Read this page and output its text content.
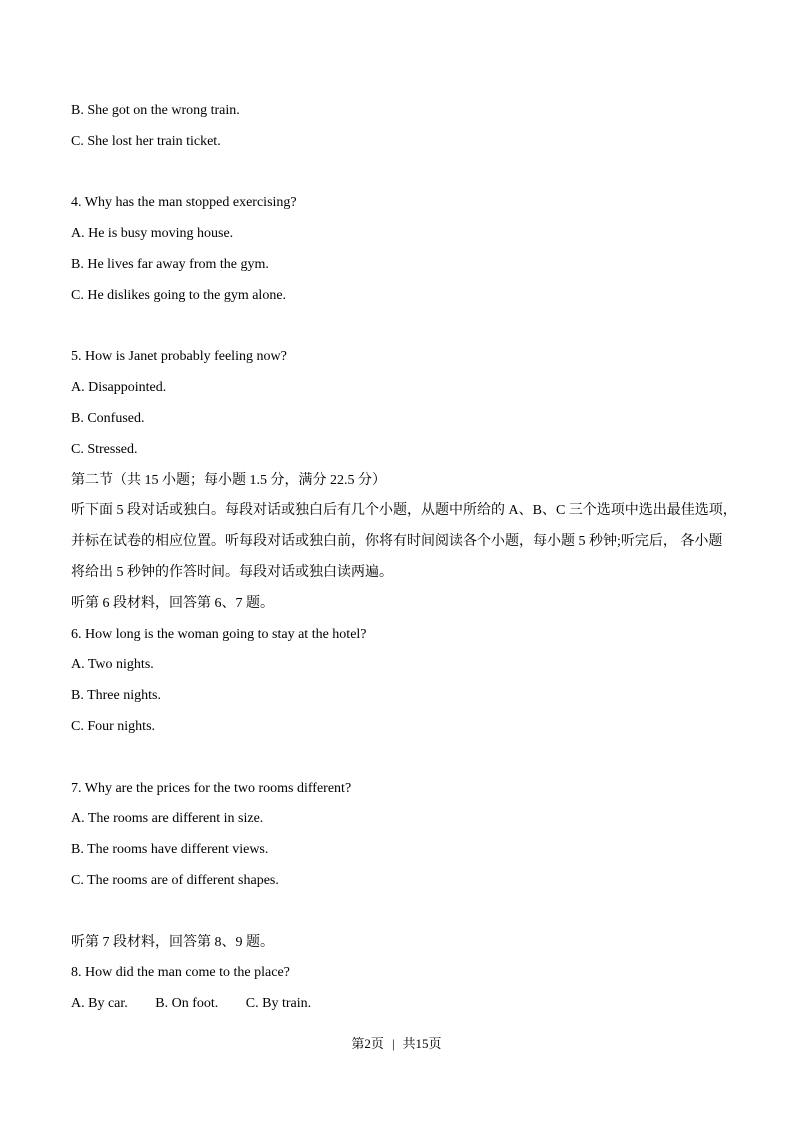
B. She got on the wrong train.
C. She lost her train ticket.
4. Why has the man stopped exercising?
A. He is busy moving house.
B. He lives far away from the gym.
C. He dislikes going to the gym alone.
5. How is Janet probably feeling now?
A. Disappointed.
B. Confused.
C. Stressed.
第二节（共 15 小题；每小题 1.5 分，满分 22.5 分）
听下面 5 段对话或独白。每段对话或独白后有几个小题，从题中所给的 A、B、C 三个选项中选出最佳选项，
并标在试卷的相应位置。听每段对话或独白前，你将有时间阅读各个小题，每小题 5 秒钟;听完后， 各小题
将给出 5 秒钟的作答时间。每段对话或独白读两遍。
听第 6 段材料，回答第 6、7 题。
6. How long is the woman going to stay at the hotel?
A. Two nights.
B. Three nights.
C. Four nights.
7. Why are the prices for the two rooms different?
A. The rooms are different in size.
B. The rooms have different views.
C. The rooms are of different shapes.
听第 7 段材料，回答第 8、9 题。
8. How did the man come to the place?
A. By car. B. On foot. C. By train.
第2页 | 共15页
